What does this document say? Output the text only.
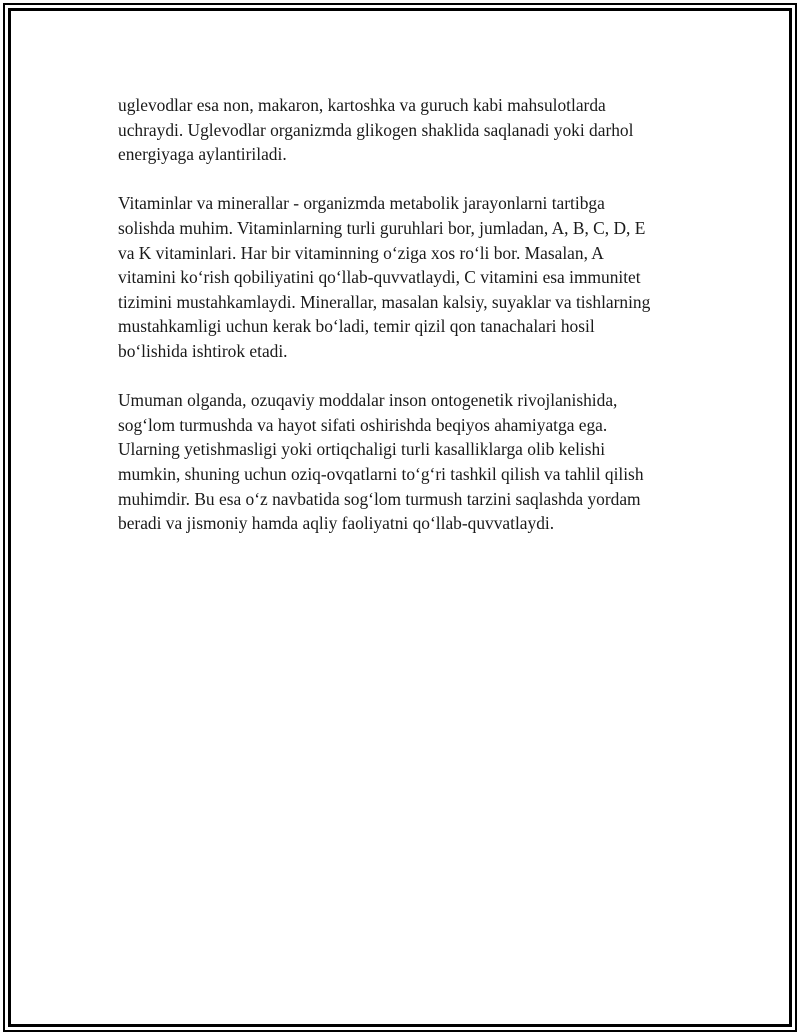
uglevodlar esa non, makaron, kartoshka va guruch kabi mahsulotlarda
uchraydi. Uglevodlar organizmda glikogen shaklida saqlanadi yoki darhol
energiyaga aylantiriladi.

Vitaminlar va minerallar - organizmda metabolik jarayonlarni tartibga
solishda muhim. Vitaminlarning turli guruhlari bor, jumladan, A, B, C, D, E
va K vitaminlari. Har bir vitaminning o‘ziga xos ro‘li bor. Masalan, A
vitamini ko‘rish qobiliyatini qo‘llab-quvvatlaydi, C vitamini esa immunitet
tizimini mustahkamlaydi. Minerallar, masalan kalsiy, suyaklar va tishlarning
mustahkamligi uchun kerak bo‘ladi, temir qizil qon tanachalari hosil
bo‘lishida ishtirok etadi.

Umuman olganda, ozuqaviy moddalar inson ontogenetik rivojlanishida,
sog‘lom turmushda va hayot sifati oshirishda beqiyos ahamiyatga ega.
Ularning yetishmasligi yoki ortiqchaligi turli kasalliklarga olib kelishi
mumkin, shuning uchun oziq-ovqatlarni to‘g‘ri tashkil qilish va tahlil qilish
muhimdir. Bu esa o‘z navbatida sog‘lom turmush tarzini saqlashda yordam
beradi va jismoniy hamda aqliy faoliyatni qo‘llab-quvvatlaydi.
